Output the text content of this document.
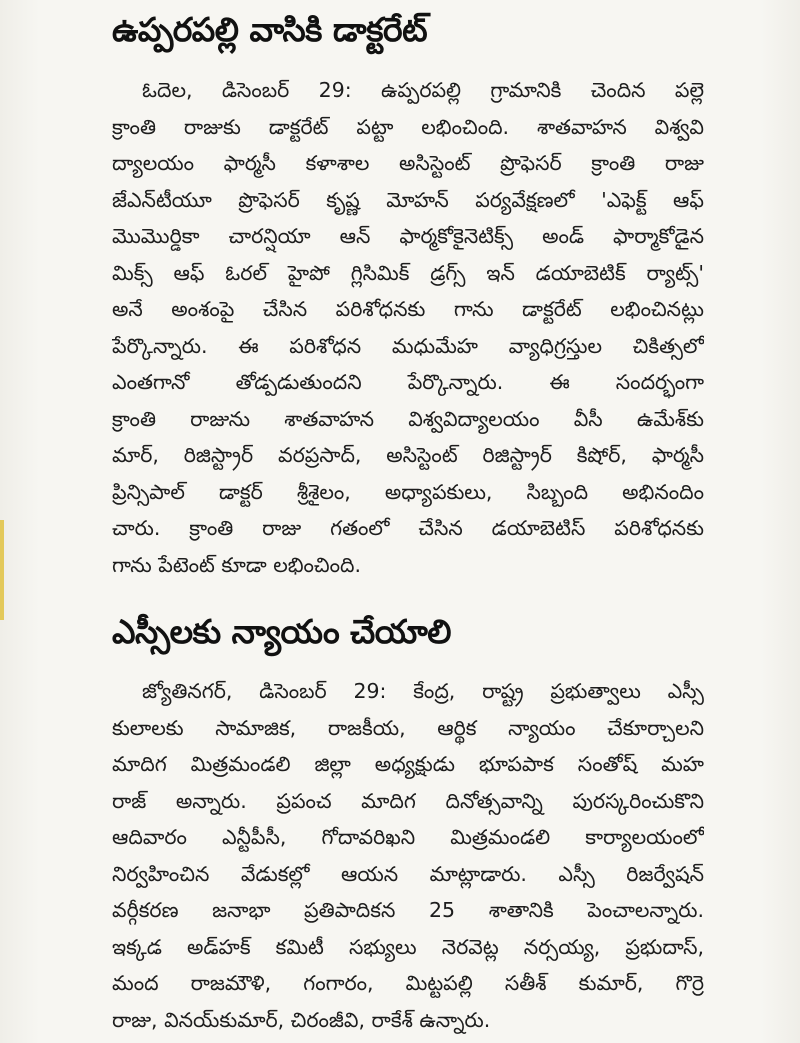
ఉప్పరపల్లి వాసికి డాక్టరేట్
ఓదెల, డిసెంబర్ 29: ఉప్పరపల్లి గ్రామానికి చెందిన పల్లె
క్రాంతి రాజుకు డాక్టరేట్ పట్టా లభించింది. శాతవాహన విశ్వవి
ద్యాలయం ఫార్మసీ కళాశాల అసిస్టెంట్ ప్రొఫెసర్ క్రాంతి రాజు
జేఎన్‌టీయూ ప్రొఫెసర్ కృష్ణ మోహన్ పర్యవేక్షణలో 'ఎఫెక్ట్ ఆఫ్
మొమొర్డికా చారన్షియా ఆన్ ఫార్మకోకైనెటిక్స్ అండ్ ఫార్మాకోడైన
మిక్స్ ఆఫ్ ఓరల్ హైపో గ్లిసిమిక్ డ్రగ్స్ ఇన్ డయాబెటిక్ ర్యాట్స్'
అనే అంశంపై చేసిన పరిశోధనకు గాను డాక్టరేట్ లభించినట్లు
పేర్కొన్నారు. ఈ పరిశోధన మధుమేహ వ్యాధిగ్రస్తుల చికిత్సలో
ఎంతగానో తోడ్పడుతుందని పేర్కొన్నారు. ఈ సందర్భంగా
క్రాంతి రాజును శాతవాహన విశ్వవిద్యాలయం వీసీ ఉమేశ్‌కు
మార్, రిజిస్ట్రార్ వరప్రసాద్, అసిస్టెంట్ రిజిస్ట్రార్ కిషోర్, ఫార్మసీ
ప్రిన్సిపాల్ డాక్టర్ శ్రీశైలం, అధ్యాపకులు, సిబ్బంది అభినందిం
చారు. క్రాంతి రాజు గతంలో చేసిన డయాబెటిస్ పరిశోధనకు
గాను పేటెంట్ కూడా లభించింది.
ఎస్సీలకు న్యాయం చేయాలి
జ్యోతినగర్, డిసెంబర్ 29: కేంద్ర, రాష్ట్ర ప్రభుత్వాలు ఎస్సీ
కులాలకు సామాజిక, రాజకీయ, ఆర్థిక న్యాయం చేకూర్చాలని
మాదిగ మిత్రమండలి జిల్లా అధ్యక్షుడు భూపపాక సంతోష్ మహ
రాజ్ అన్నారు. ప్రపంచ మాదిగ దినోత్సవాన్ని పురస్కరించుకొని
ఆదివారం ఎన్టీపీసీ, గోదావరిఖని మిత్రమండలి కార్యాలయంలో
నిర్వహించిన వేడుకల్లో ఆయన మాట్లాడారు. ఎస్సీ రిజర్వేషన్
వర్గీకరణ జనాభా ప్రతిపాదికన 25 శాతానికి పెంచాలన్నారు.
ఇక్కడ అడ్‌హక్ కమిటీ సభ్యులు నెరవెట్ల నర్సయ్య, ప్రభుదాస్,
మంద రాజమౌళి, గంగారం, మిట్టపల్లి సతీశ్ కుమార్, గొర్రె
రాజు, వినయ్‌కుమార్, చిరంజీవి, రాకేశ్ ఉన్నారు.
